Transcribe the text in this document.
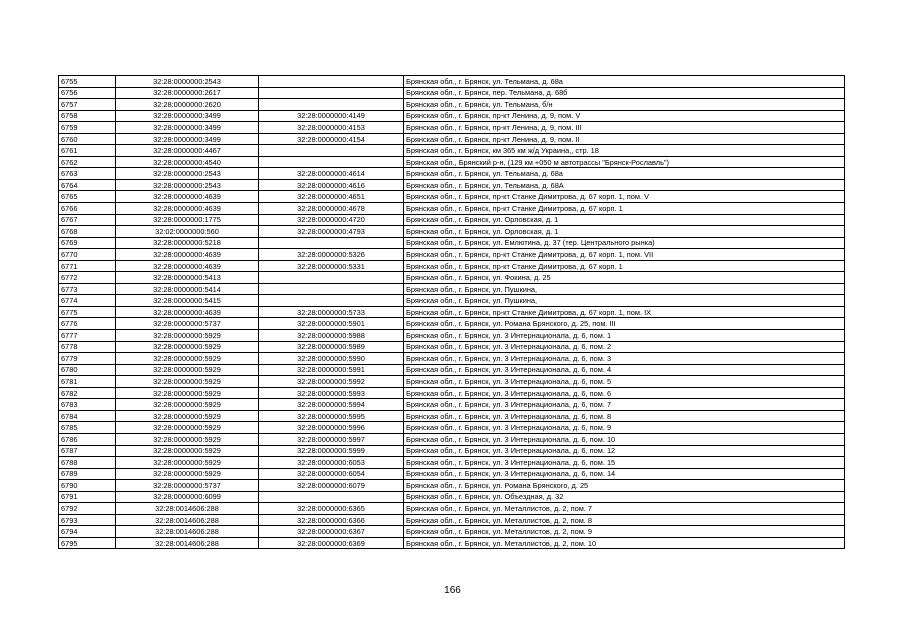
6755	32:28:0000000:2543		Брянская обл., г. Брянск, ул. Тельмана, д. 68а
6756	32:28:0000000:2617		Брянская обл., г. Брянск, пер. Тельмана, д. 68б
6757	32:28:0000000:2620		Брянская обл., г. Брянск, ул. Тельмана, б/н
6758	32:28:0000000:3499	32:28:0000000:4149	Брянская обл., г. Брянск, пр-кт Ленина, д. 9, пом. V
6759	32:28:0000000:3499	32:28:0000000:4153	Брянская обл., г. Брянск, пр-кт Ленина, д. 9, пом. III
6760	32:28:0000000:3499	32:28:0000000:4154	Брянская обл., г. Брянск, пр-кт Ленина, д. 9, пом. II
6761	32:28:0000000:4467		Брянская обл., г. Брянск, км 365 км ж/д Украина,, стр. 18
6762	32:28:0000000:4540		Брянская обл., Брянский р-н, (129 км +050 м автотрассы "Брянск-Рославль")
6763	32:28:0000000:2543	32:28:0000000:4614	Брянская обл., г. Брянск, ул. Тельмана, д. 68а
6764	32:28:0000000:2543	32:28:0000000:4616	Брянская обл., г. Брянск, ул. Тельмана, д. 68А
6765	32:28:0000000:4639	32:28:0000000:4651	Брянская обл., г. Брянск, пр-кт Станке Димитрова, д. 67 корп. 1, пом. V
6766	32:28:0000000:4639	32:28:0000000:4678	Брянская обл., г. Брянск, пр-кт Станке Димитрова, д. 67 корп. 1
6767	32:28:0000000:1775	32:28:0000000:4720	Брянская обл., г. Брянск, ул. Орловская, д. 1
6768	32:02:0000000:560	32:28:0000000:4793	Брянская обл., г. Брянск, ул. Орловская, д. 1
6769	32:28:0000000:5218		Брянская обл., г. Брянск, ул. Емлютина, д. 37 (тер. Центрального рынка)
6770	32:28:0000000:4639	32:28:0000000:5326	Брянская обл., г. Брянск, пр-кт Станке Димитрова, д. 67 корп. 1, пом. VII
6771	32:28:0000000:4639	32:28:0000000:5331	Брянская обл., г. Брянск, пр-кт Станке Димитрова, д. 67 корп. 1
6772	32:28:0000000:5413		Брянская обл., г. Брянск, ул. Фокина, д. 25
6773	32:28:0000000:5414		Брянская обл., г. Брянск, ул. Пушкина,
6774	32:28:0000000:5415		Брянская обл., г. Брянск, ул. Пушкина,
6775	32:28:0000000:4639	32:28:0000000:5733	Брянская обл., г. Брянск, пр-кт Станке Димитрова, д. 67 корп. 1, пом. IX
6776	32:28:0000000:5737	32:28:0000000:5901	Брянская обл., г. Брянск, ул. Романа Брянского, д. 25, пом. III
6777	32:28:0000000:5929	32:28:0000000:5988	Брянская обл., г. Брянск, ул. 3 Интернационала, д. 6, пом. 1
6778	32:28:0000000:5929	32:28:0000000:5989	Брянская обл., г. Брянск, ул. 3 Интернационала, д. 6, пом. 2
6779	32:28:0000000:5929	32:28:0000000:5990	Брянская обл., г. Брянск, ул. 3 Интернационала, д. 6, пом. 3
6780	32:28:0000000:5929	32:28:0000000:5991	Брянская обл., г. Брянск, ул. 3 Интернационала, д. 6, пом. 4
6781	32:28:0000000:5929	32:28:0000000:5992	Брянская обл., г. Брянск, ул. 3 Интернационала, д. 6, пом. 5
6782	32:28:0000000:5929	32:28:0000000:5993	Брянская обл., г. Брянск, ул. 3 Интернационала, д. 6, пом. 6
6783	32:28:0000000:5929	32:28:0000000:5994	Брянская обл., г. Брянск, ул. 3 Интернационала, д. 6, пом. 7
6784	32:28:0000000:5929	32:28:0000000:5995	Брянская обл., г. Брянск, ул. 3 Интернационала, д. 6, пом. 8
6785	32:28:0000000:5929	32:28:0000000:5996	Брянская обл., г. Брянск, ул. 3 Интернационала, д. 6, пом. 9
6786	32:28:0000000:5929	32:28:0000000:5997	Брянская обл., г. Брянск, ул. 3 Интернационала, д. 6, пом. 10
6787	32:28:0000000:5929	32:28:0000000:5999	Брянская обл., г. Брянск, ул. 3 Интернационала, д. 6, пом. 12
6788	32:28:0000000:5929	32:28:0000000:6053	Брянская обл., г. Брянск, ул. 3 Интернационала, д. 6, пом. 15
6789	32:28:0000000:5929	32:28:0000000:6054	Брянская обл., г. Брянск, ул. 3 Интернационала, д. 6, пом. 14
6790	32:28:0000000:5737	32:28:0000000:6079	Брянская обл., г. Брянск, ул. Романа Брянского, д. 25
6791	32:28:0000000:6099		Брянская обл., г. Брянск, ул. Объездная, д. 32
6792	32:28:0014606:288	32:28:0000000:6365	Брянская обл., г. Брянск, ул. Металлистов, д. 2, пом. 7
6793	32:28:0014606:288	32:28:0000000:6366	Брянская обл., г. Брянск, ул. Металлистов, д. 2, пом. 8
6794	32:28:0014606:288	32:28:0000000:6367	Брянская обл., г. Брянск, ул. Металлистов, д. 2, пом. 9
6795	32:28:0014606:288	32:28:0000000:6369	Брянская обл., г. Брянск, ул. Металлистов, д. 2, пом. 10
166
